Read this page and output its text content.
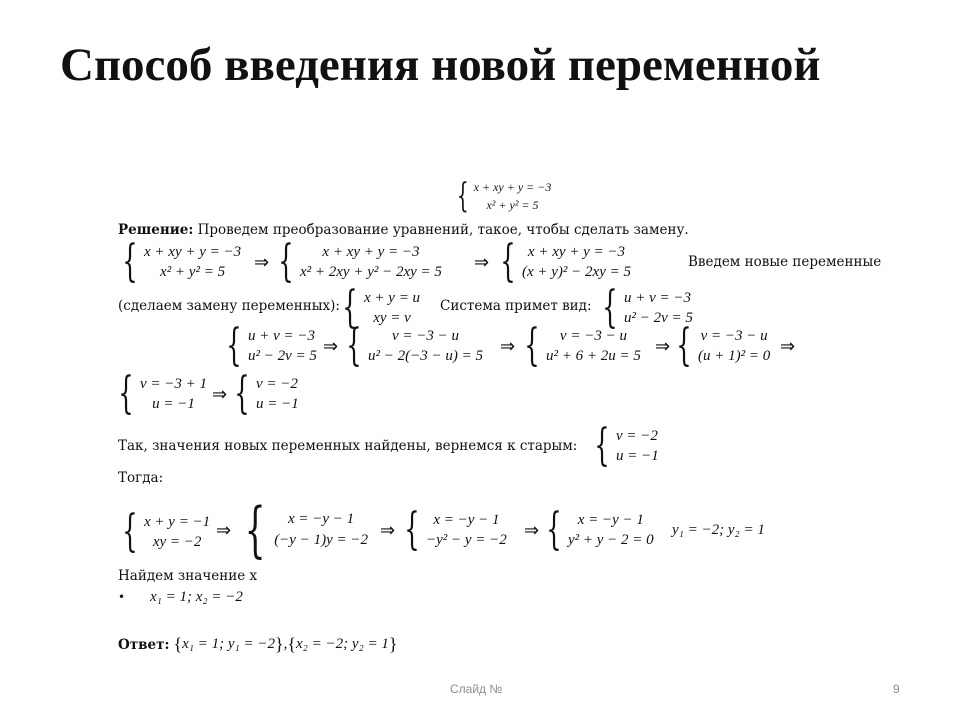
Способ введения новой переменной
{ x + xy + y = −3
x² + y² = 5
Решение: Проведем преобразование уравнений, такое, чтобы сделать замену.
{ x + xy + y = −3
x² + y² = 5 ⇒ { x + xy + y = −3
x² + 2xy + y² − 2xy = 5 ⇒ { x + xy + y = −3
(x + y)² − 2xy = 5
Введем новые переменные
(сделаем замену переменных): { x + y = u
xy = v
Система примет вид: { u + v = −3
u² − 2v = 5
{ u + v = −3
u² − 2v = 5 ⇒ { v = −3 − u
u² − 2(−3 − u) = 5 ⇒ { v = −3 − u
u² + 6 + 2u = 5 ⇒ { v = −3 − u
(u + 1)² = 0 ⇒
{ v = −3 + 1
u = −1 ⇒ { v = −2
u = −1
Так, значения новых переменных найдены, вернемся к старым: { v = −2
u = −1
Тогда:
{ x + y = −1
xy = −2
⇒ { x = −y − 1
(−y − 1)y = −2 ⇒ { x = −y − 1
−y² − y = −2 ⇒ { x = −y − 1
y² + y − 2 = 0
y₁ = −2; y₂ = 1
Найдем значение x
• x₁ = 1; x₂ = −2
Ответ: { x₁ = 1; y₁ = −2 } , { x₂ = −2; y₂ = 1 }
Слайд №	9
